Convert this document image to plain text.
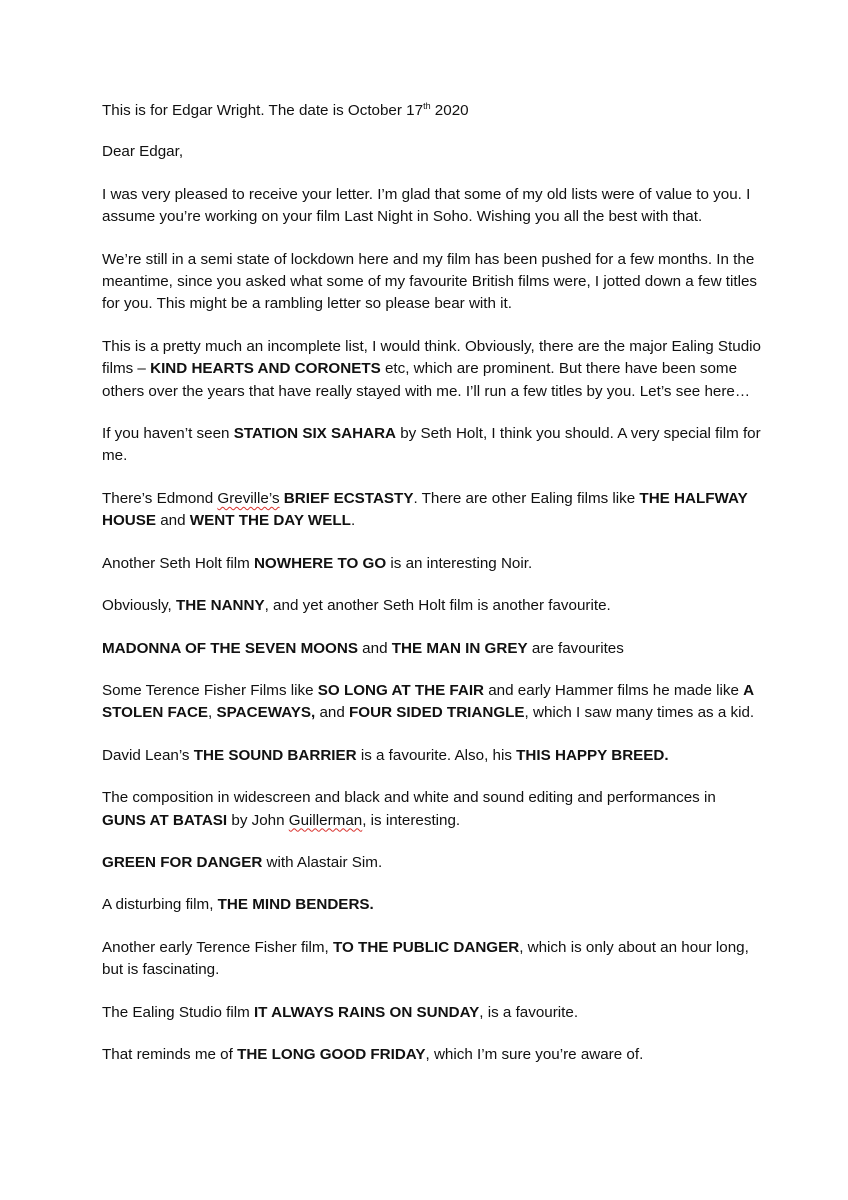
This is for Edgar Wright. The date is October 17th 2020

Dear Edgar,

I was very pleased to receive your letter. I’m glad that some of my old lists were of value to you. I assume you’re working on your film Last Night in Soho. Wishing you all the best with that.

We’re still in a semi state of lockdown here and my film has been pushed for a few months. In the meantime, since you asked what some of my favourite British films were, I jotted down a few titles for you. This might be a rambling letter so please bear with it.

This is a pretty much an incomplete list, I would think. Obviously, there are the major Ealing Studio films – KIND HEARTS AND CORONETS etc, which are prominent. But there have been some others over the years that have really stayed with me. I’ll run a few titles by you. Let’s see here…

If you haven’t seen STATION SIX SAHARA by Seth Holt, I think you should. A very special film for me.

There’s Edmond Greville’s BRIEF ECSTASTY. There are other Ealing films like THE HALFWAY HOUSE and WENT THE DAY WELL.

Another Seth Holt film NOWHERE TO GO is an interesting Noir.

Obviously, THE NANNY, and yet another Seth Holt film is another favourite.

MADONNA OF THE SEVEN MOONS and THE MAN IN GREY are favourites

Some Terence Fisher Films like SO LONG AT THE FAIR and early Hammer films he made like A STOLEN FACE, SPACEWAYS, and FOUR SIDED TRIANGLE, which I saw many times as a kid.

David Lean’s THE SOUND BARRIER is a favourite. Also, his THIS HAPPY BREED.

The composition in widescreen and black and white and sound editing and performances in GUNS AT BATASI by John Guillerman, is interesting.

GREEN FOR DANGER with Alastair Sim.

A disturbing film, THE MIND BENDERS.

Another early Terence Fisher film, TO THE PUBLIC DANGER, which is only about an hour long, but is fascinating.

The Ealing Studio film IT ALWAYS RAINS ON SUNDAY, is a favourite.

That reminds me of THE LONG GOOD FRIDAY, which I’m sure you’re aware of.
